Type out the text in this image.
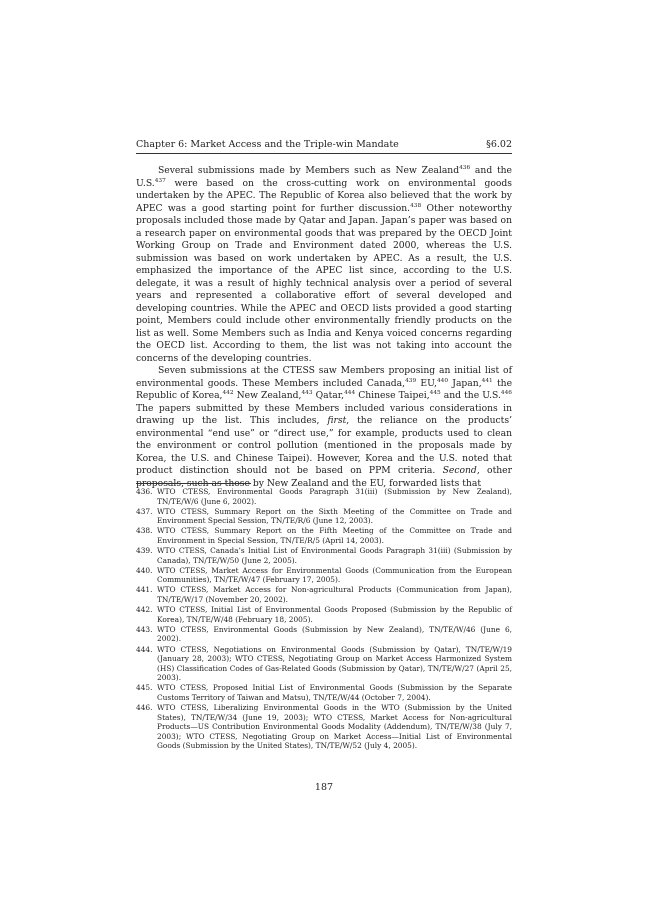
Chapter 6: Market Access and the Triple-win Mandate	§6.02

Several submissions made by Members such as New Zealand$^{436}$ and the U.S.$^{437}$ were based on the cross-cutting work on environmental goods undertaken by the APEC. The Republic of Korea also believed that the work by APEC was a good starting point for further discussion.$^{438}$ Other noteworthy proposals included those made by Qatar and Japan. Japan’s paper was based on a research paper on environmental goods that was prepared by the OECD Joint Working Group on Trade and Environment dated 2000, whereas the U.S. submission was based on work undertaken by APEC. As a result, the U.S. emphasized the importance of the APEC list since, according to the U.S. delegate, it was a result of highly technical analysis over a period of several years and represented a collaborative effort of several developed and developing countries. While the APEC and OECD lists provided a good starting point, Members could include other environmentally friendly products on the list as well. Some Members such as India and Kenya voiced concerns regarding the OECD list. According to them, the list was not taking into account the concerns of the developing countries.

Seven submissions at the CTESS saw Members proposing an initial list of environmental goods. These Members included Canada,$^{439}$ EU,$^{440}$ Japan,$^{441}$ the Republic of Korea,$^{442}$ New Zealand,$^{443}$ Qatar,$^{444}$ Chinese Taipei,$^{445}$ and the U.S.$^{446}$ The papers submitted by these Members included various considerations in drawing up the list. This includes, first, the reliance on the products’ environmental “end use” or “direct use,” for example, products used to clean the environment or control pollution (mentioned in the proposals made by Korea, the U.S. and Chinese Taipei). However, Korea and the U.S. noted that product distinction should not be based on PPM criteria. Second, other proposals, such as those by New Zealand and the EU, forwarded lists that

436. WTO CTESS, Environmental Goods Paragraph 31(iii) (Submission by New Zealand), TN/TE/W/6 (June 6, 2002).
437. WTO CTESS, Summary Report on the Sixth Meeting of the Committee on Trade and Environment Special Session, TN/TE/R/6 (June 12, 2003).
438. WTO CTESS, Summary Report on the Fifth Meeting of the Committee on Trade and Environment in Special Session, TN/TE/R/5 (April 14, 2003).
439. WTO CTESS, Canada’s Initial List of Environmental Goods Paragraph 31(iii) (Submission by Canada), TN/TE/W/50 (June 2, 2005).
440. WTO CTESS, Market Access for Environmental Goods (Communication from the European Communities), TN/TE/W/47 (February 17, 2005).
441. WTO CTESS, Market Access for Non-agricultural Products (Communication from Japan), TN/TE/W/17 (November 20, 2002).
442. WTO CTESS, Initial List of Environmental Goods Proposed (Submission by the Republic of Korea), TN/TE/W/48 (February 18, 2005).
443. WTO CTESS, Environmental Goods (Submission by New Zealand), TN/TE/W/46 (June 6, 2002).
444. WTO CTESS, Negotiations on Environmental Goods (Submission by Qatar), TN/TE/W/19 (January 28, 2003); WTO CTESS, Negotiating Group on Market Access Harmonized System (HS) Classification Codes of Gas-Related Goods (Submission by Qatar), TN/TE/W/27 (April 25, 2003).
445. WTO CTESS, Proposed Initial List of Environmental Goods (Submission by the Separate Customs Territory of Taiwan and Matsu), TN/TE/W/44 (October 7, 2004).
446. WTO CTESS, Liberalizing Environmental Goods in the WTO (Submission by the United States), TN/TE/W/34 (June 19, 2003); WTO CTESS, Market Access for Non-agricultural Products—US Contribution Environmental Goods Modality (Addendum), TN/TE/W/38 (July 7, 2003); WTO CTESS, Negotiating Group on Market Access—Initial List of Environmental Goods (Submission by the United States), TN/TE/W/52 (July 4, 2005).
187
